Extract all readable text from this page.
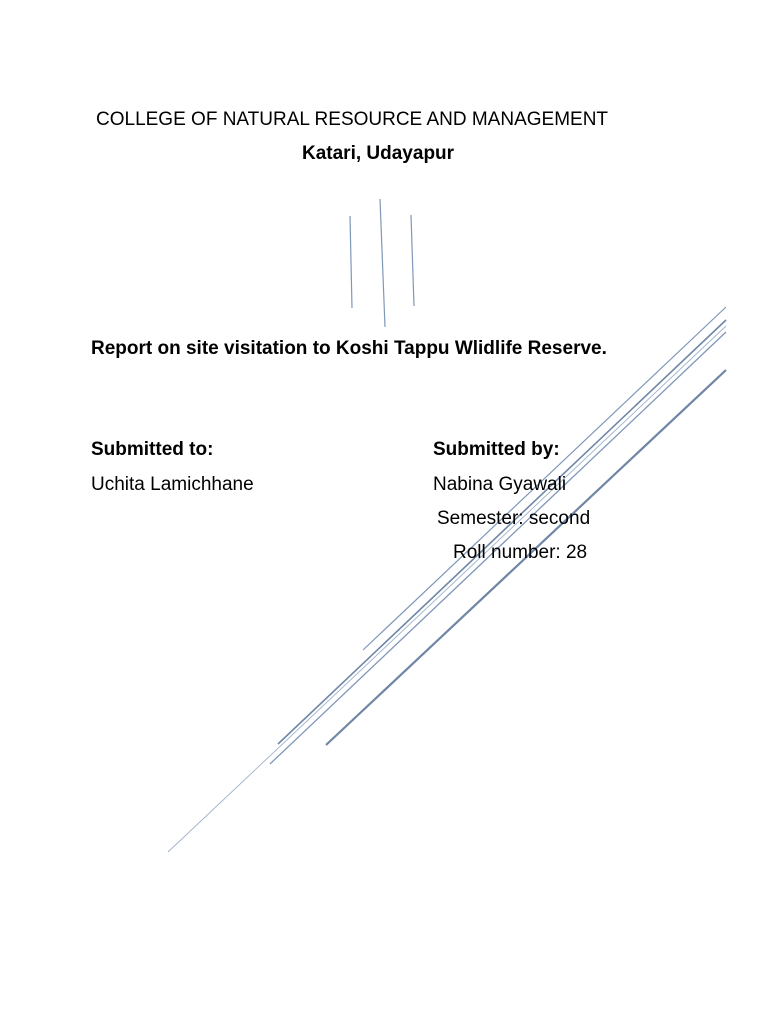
COLLEGE OF NATURAL RESOURCE AND MANAGEMENT
Katari, Udayapur
Report on site visitation to Koshi Tappu Wlidlife Reserve.
Submitted to:
Uchita Lamichhane
Submitted by:
Nabina Gyawali
Semester: second
Roll number: 28
